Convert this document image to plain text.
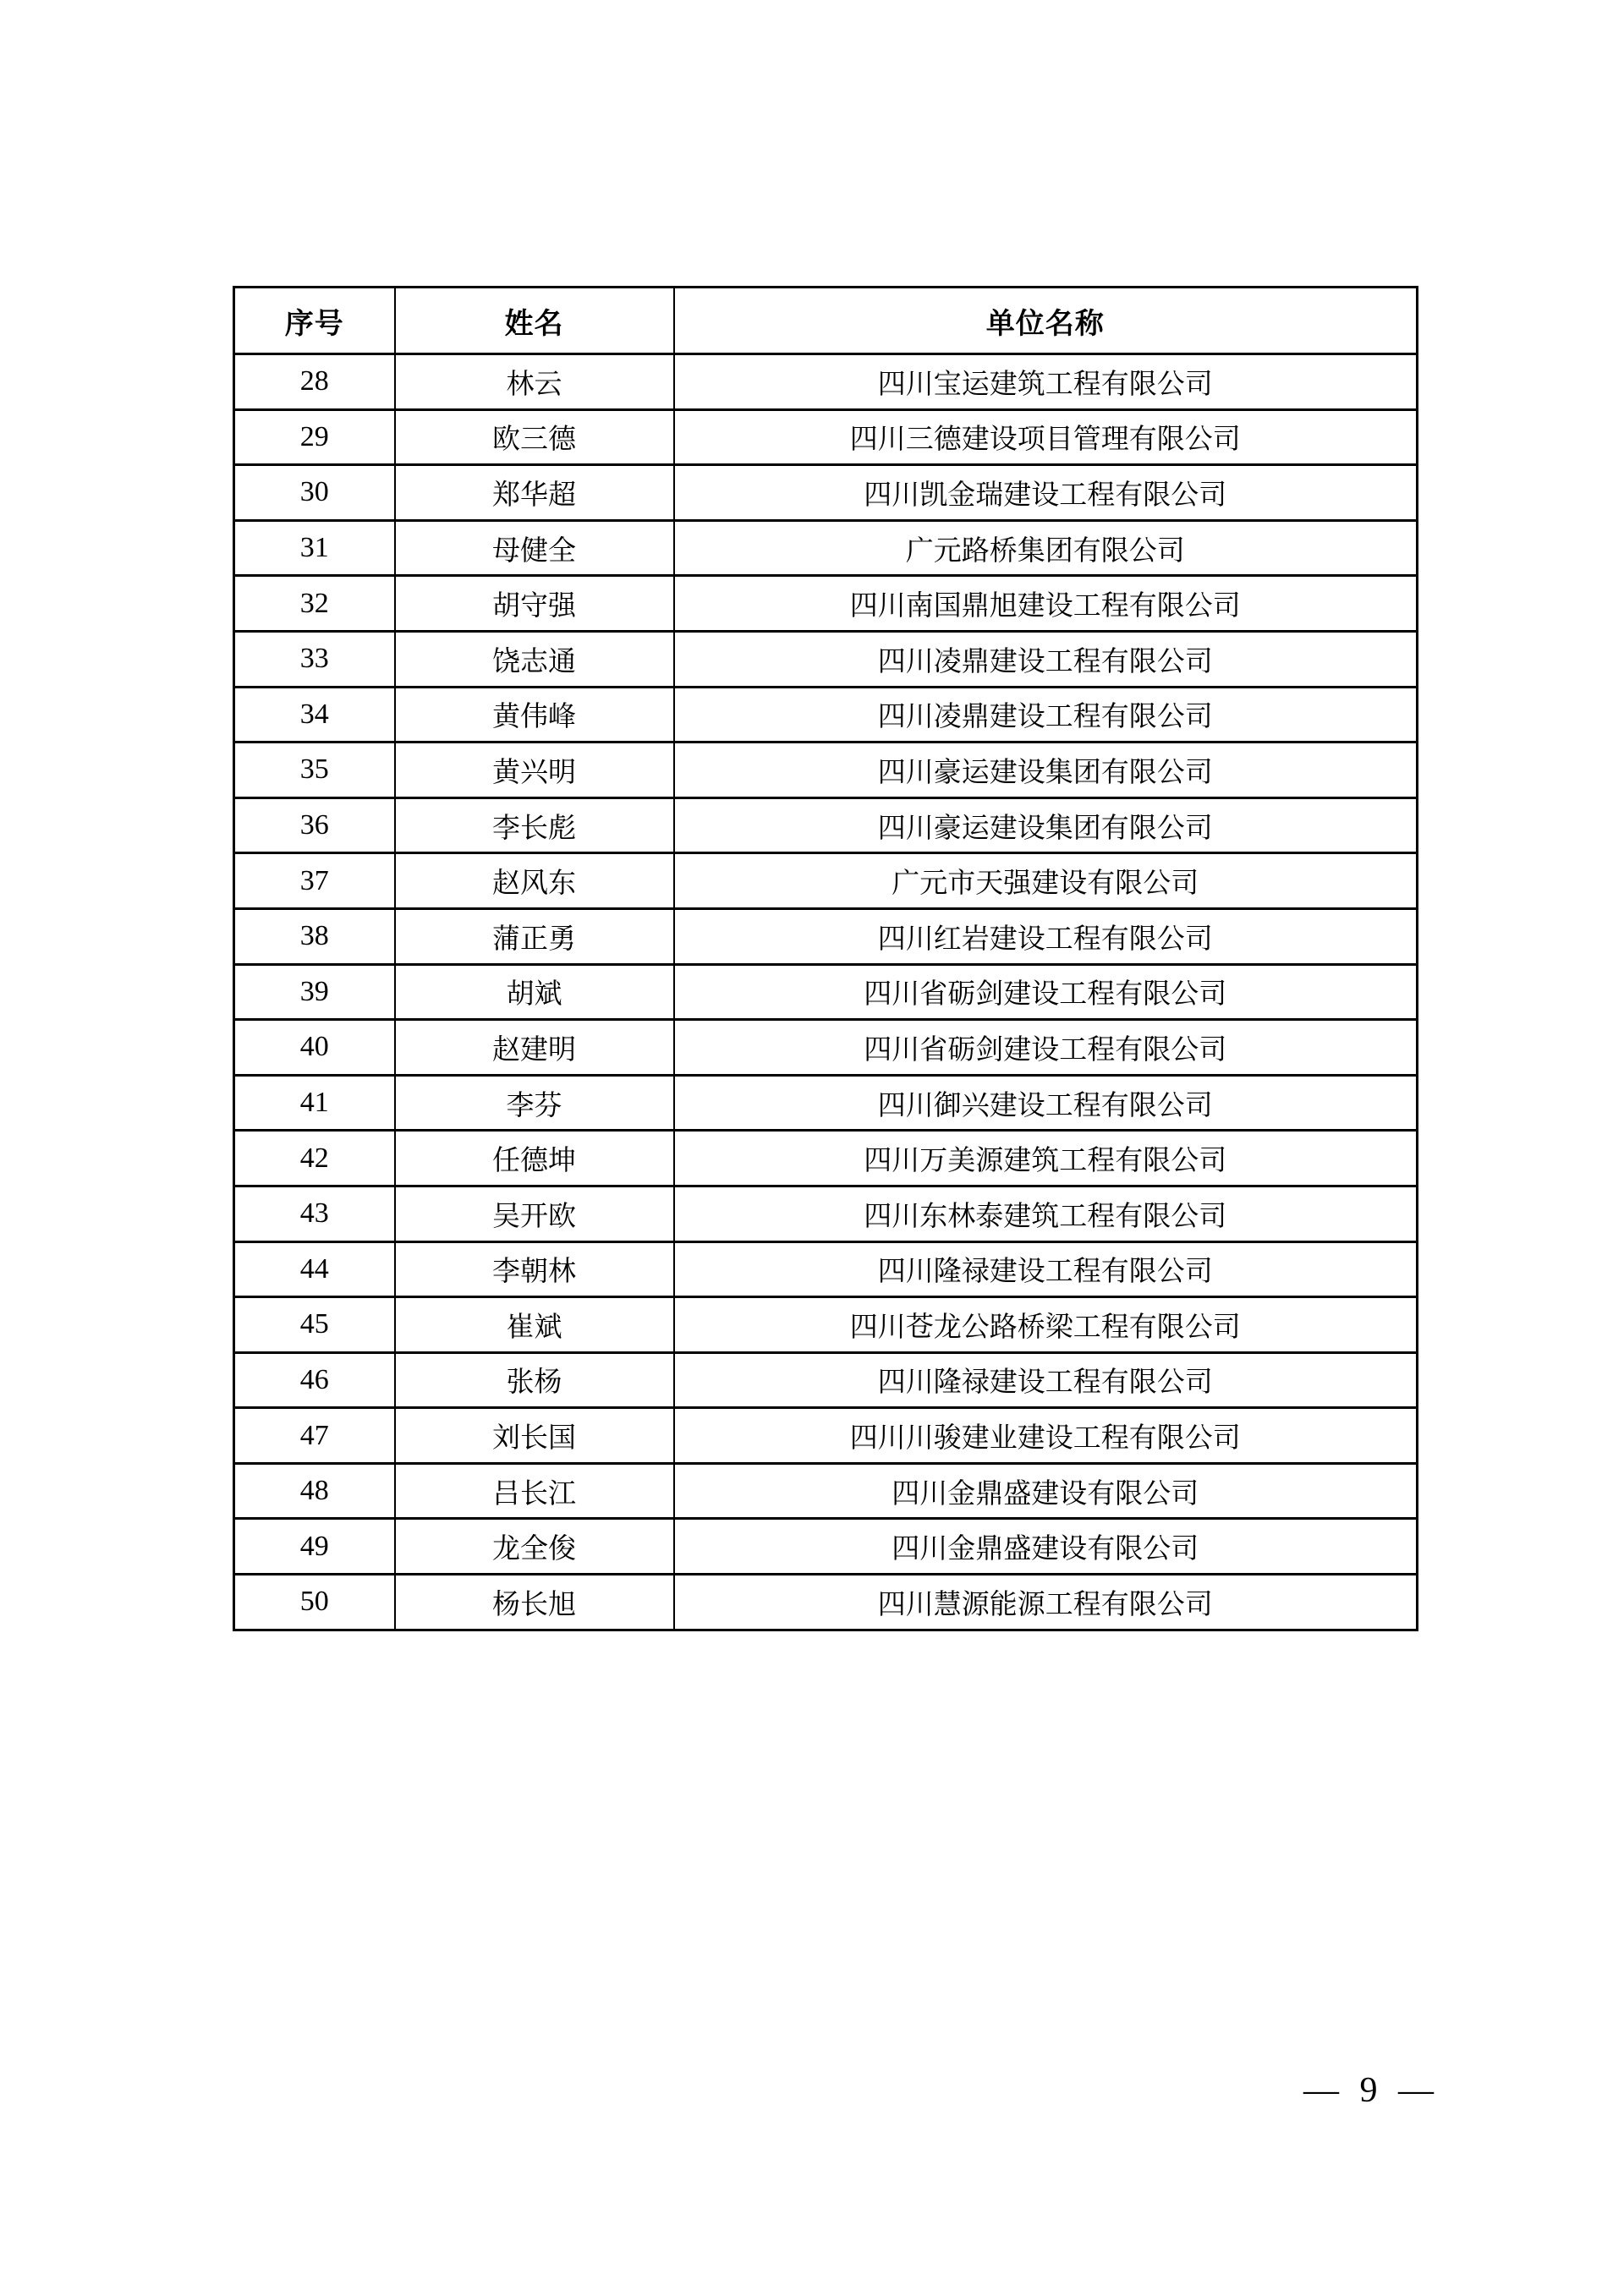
序号	姓名	单位名称
28	林云	四川宝运建筑工程有限公司
29	欧三德	四川三德建设项目管理有限公司
30	郑华超	四川凯金瑞建设工程有限公司
31	母健全	广元路桥集团有限公司
32	胡守强	四川南国鼎旭建设工程有限公司
33	饶志通	四川凌鼎建设工程有限公司
34	黄伟峰	四川凌鼎建设工程有限公司
35	黄兴明	四川豪运建设集团有限公司
36	李长彪	四川豪运建设集团有限公司
37	赵风东	广元市天强建设有限公司
38	蒲正勇	四川红岩建设工程有限公司
39	胡斌	四川省砺剑建设工程有限公司
40	赵建明	四川省砺剑建设工程有限公司
41	李芬	四川御兴建设工程有限公司
42	任德坤	四川万美源建筑工程有限公司
43	吴开欧	四川东林泰建筑工程有限公司
44	李朝林	四川隆禄建设工程有限公司
45	崔斌	四川苍龙公路桥梁工程有限公司
46	张杨	四川隆禄建设工程有限公司
47	刘长国	四川川骏建业建设工程有限公司
48	吕长江	四川金鼎盛建设有限公司
49	龙全俊	四川金鼎盛建设有限公司
50	杨长旭	四川慧源能源工程有限公司
— 9 —
